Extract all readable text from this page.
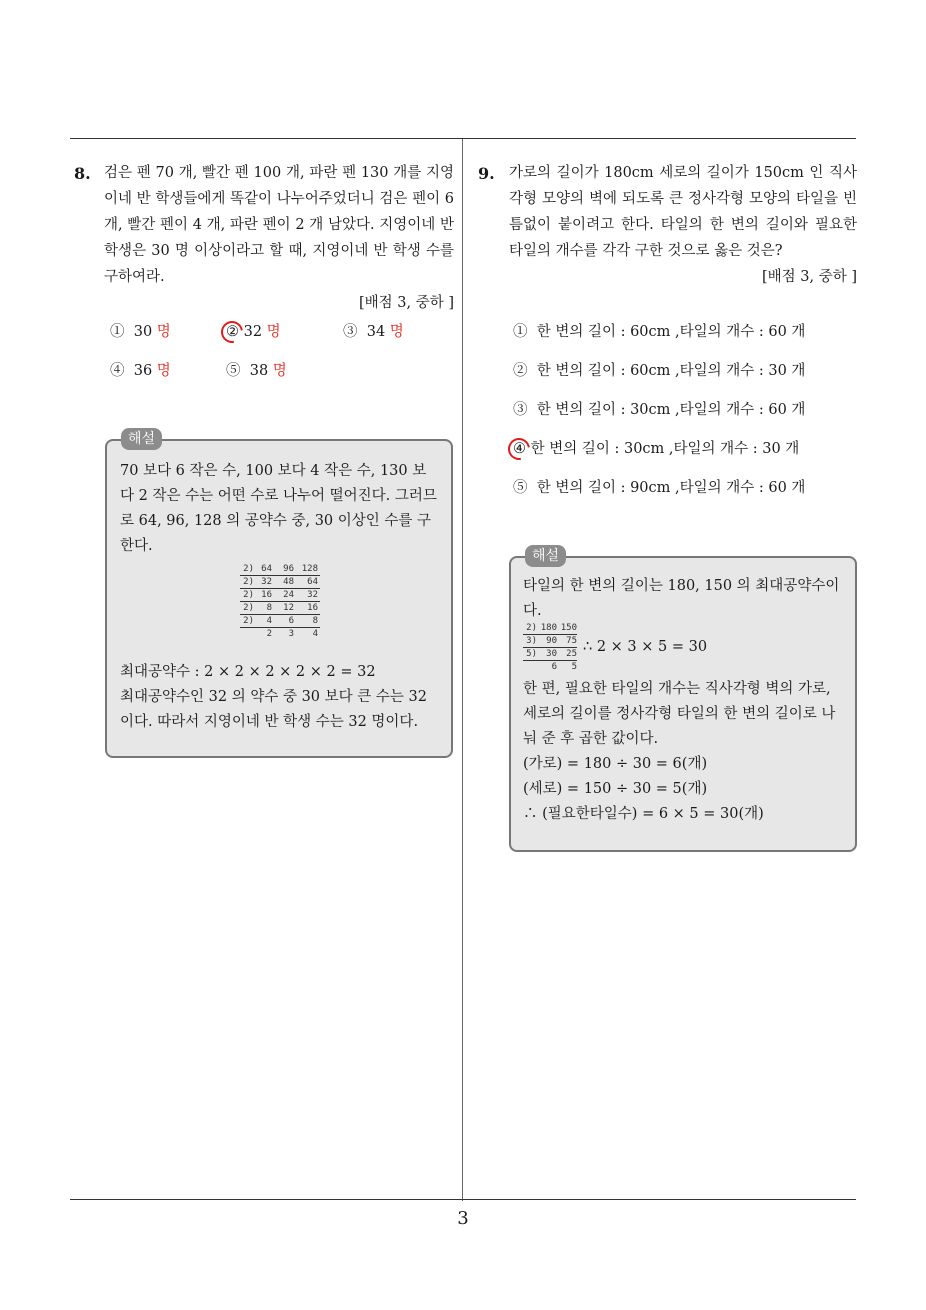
8. 검은 펜 70 개, 빨간 펜 100 개, 파란 펜 130 개를 지영이네 반 학생들에게 똑같이 나누어주었더니 검은 펜이 6 개, 빨간 펜이 4 개, 파란 펜이 2 개 남았다. 지영이네 반 학생은 30 명 이상이라고 할 때, 지영이네 반 학생 수를 구하여라.
[배점 3, 중하 ]
① 30 명	② 32 명	③ 34 명
④ 36 명	⑤ 38 명
해설

70 보다 6 작은 수, 100 보다 4 작은 수, 130 보다 2 작은 수는 어떤 수로 나누어 떨어진다. 그러므로 64, 96, 128 의 공약수 중, 30 이상인 수를 구한다.

2) 64	96 128
2) 32	48	64
2) 16	24	32
2)	8	12	16
2)	4	6	8
2	3	4

최대공약수 : 2 × 2 × 2 × 2 × 2 = 32

최대공약수인 32 의 약수 중 30 보다 큰 수는 32 이다. 따라서 지영이네 반 학생 수는 32 명이다.

9. 가로의 길이가 180cm 세로의 길이가 150cm 인 직사각형 모양의 벽에 되도록 큰 정사각형 모양의 타일을 빈틈없이 붙이려고 한다. 타일의 한 변의 길이와 필요한 타일의 개수를 각각 구한 것으로 옳은 것은?
[배점 3, 중하 ]
① 한 변의 길이 : 60cm ,타일의 개수 : 60 개
② 한 변의 길이 : 60cm ,타일의 개수 : 30 개
③ 한 변의 길이 : 30cm ,타일의 개수 : 60 개
④ 한 변의 길이 : 30cm ,타일의 개수 : 30 개
⑤ 한 변의 길이 : 90cm ,타일의 개수 : 60 개
해설

타일의 한 변의 길이는 180, 150 의 최대공약수이다.

2) 180 150
3)	90	75
5)	30	25
6	5
∴ 2 × 3 × 5 = 30

한 편, 필요한 타일의 개수는 직사각형 벽의 가로, 세로의 길이를 정사각형 타일의 한 변의 길이로 나눠 준 후 곱한 값이다.

(가로) = 180 ÷ 30 = 6(개)

(세로) = 150 ÷ 30 = 5(개)

∴ (필요한타일수) = 6 × 5 = 30(개)

3
